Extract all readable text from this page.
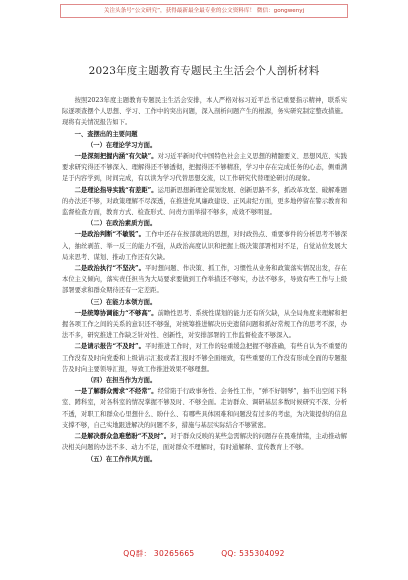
关注头条号“公文研究”，获得最新最全最专业的公文资料库！ 微信：gongwenyj
2023年度主题教育专题民主生活会个人剖析材料

按照2023年度主题教育专题民主生活会安排，本人严格对标习近平总书记重要指示精神，联系实际逐项查摆个人思想、学习、工作中的突出问题，深入剖析问题产生的根源，务实研究制定整改措施。现将有关情况报告如下。

一、查摆出的主要问题

（一）在理论学习方面。

一是深刻把握内涵“有欠缺”。对习近平新时代中国特色社会主义思想的精髓要义、思想风范、实践要求研究得还不够深入、理解得还不够透彻，把握得还不够精准，学习中存在完成任务的心态，侧重满足于内容学到，时间完成，有以读为学习代替思想交流，以工作研究代替理论研讨的现象。

二是理论指导实践“有差距”。运用新思想新理论谋划发展、创新思路不多，抓改革攻坚、破解难题的办法还不够，对政策理解不尽深透，在推进党风廉政建设、正风肃纪方面，更多地停留在警示教育和监督检查方面，教育方式、检查形式、问责方面举措不够多，成效不够明显。

（二）在政治素质方面。

一是政治判断“不敏锐”。工作中还存在按部就班的思想，对时政热点、重要事件的分析思考不够深入，抽丝剥茧、举一反三的能力不强，从政治高度认识和把握上级决策部署相对不足，自觉站位发展大局来思考、谋划、推动工作还有欠缺。

二是政治执行“不坚决”。平时想问题、作决策、抓工作，习惯性从业务和政策落实情况出发，存在本位主义倾向，落实责任担当为大局要求要做到工作举措还不够实，办法不够多，导致有些工作与上级部署要求和群众期待还有一定差距。

（三）在能力本领方面。

一是统筹协调能力“不够高”。前瞻性思考、系统性谋划的能力还有所欠缺，从全局角度来理解和把握各项工作之间的关系的意识还不够强，对统筹推进解决历史遗留问题和抓好常规工作的思考不深，办法不多，研究推进工作缺乏针对性、创新性，对安排部署的工作监督检查不够深入。

二是请示报告“不及时”。平时推进工作时，对工作的轻重缓急把握不够准确，有些自认为不重要的工作没有及时向党委和上级请示汇报或者汇报时不够全面细致，有些重要的工作没有形成全面的专题报告及时向主要领导汇报，导致工作推进效果不够理想。

（四）在担当作为方面。

一是了解群众需求“不经常”。经常陷于行政事务性、会务性工作，“弹不好钢琴”，抽不出空闲下科室、蹲科室，对各科室的情况掌握不够及时、不够全面。走访群众、调研基层多数时候研究不深、分析不透，对职工和群众心里想什么、盼什么、有哪些具体困难和问题没有过多的考虑，为决策提供的信息支撑不够，自己实地跟进解决的问题不多，措施与基层实际结合不够紧密。

二是解决群众急难愁盼“不及时”。对于群众反映的某些急需解决的问题存在畏难情绪，主动推动解决相关问题的办法不多、动力不足，面对群众不理解时，有时通解释、宣传教育上不够。

（五）在工作作风方面。

QQ群： 30265665	QQ: 535304092
